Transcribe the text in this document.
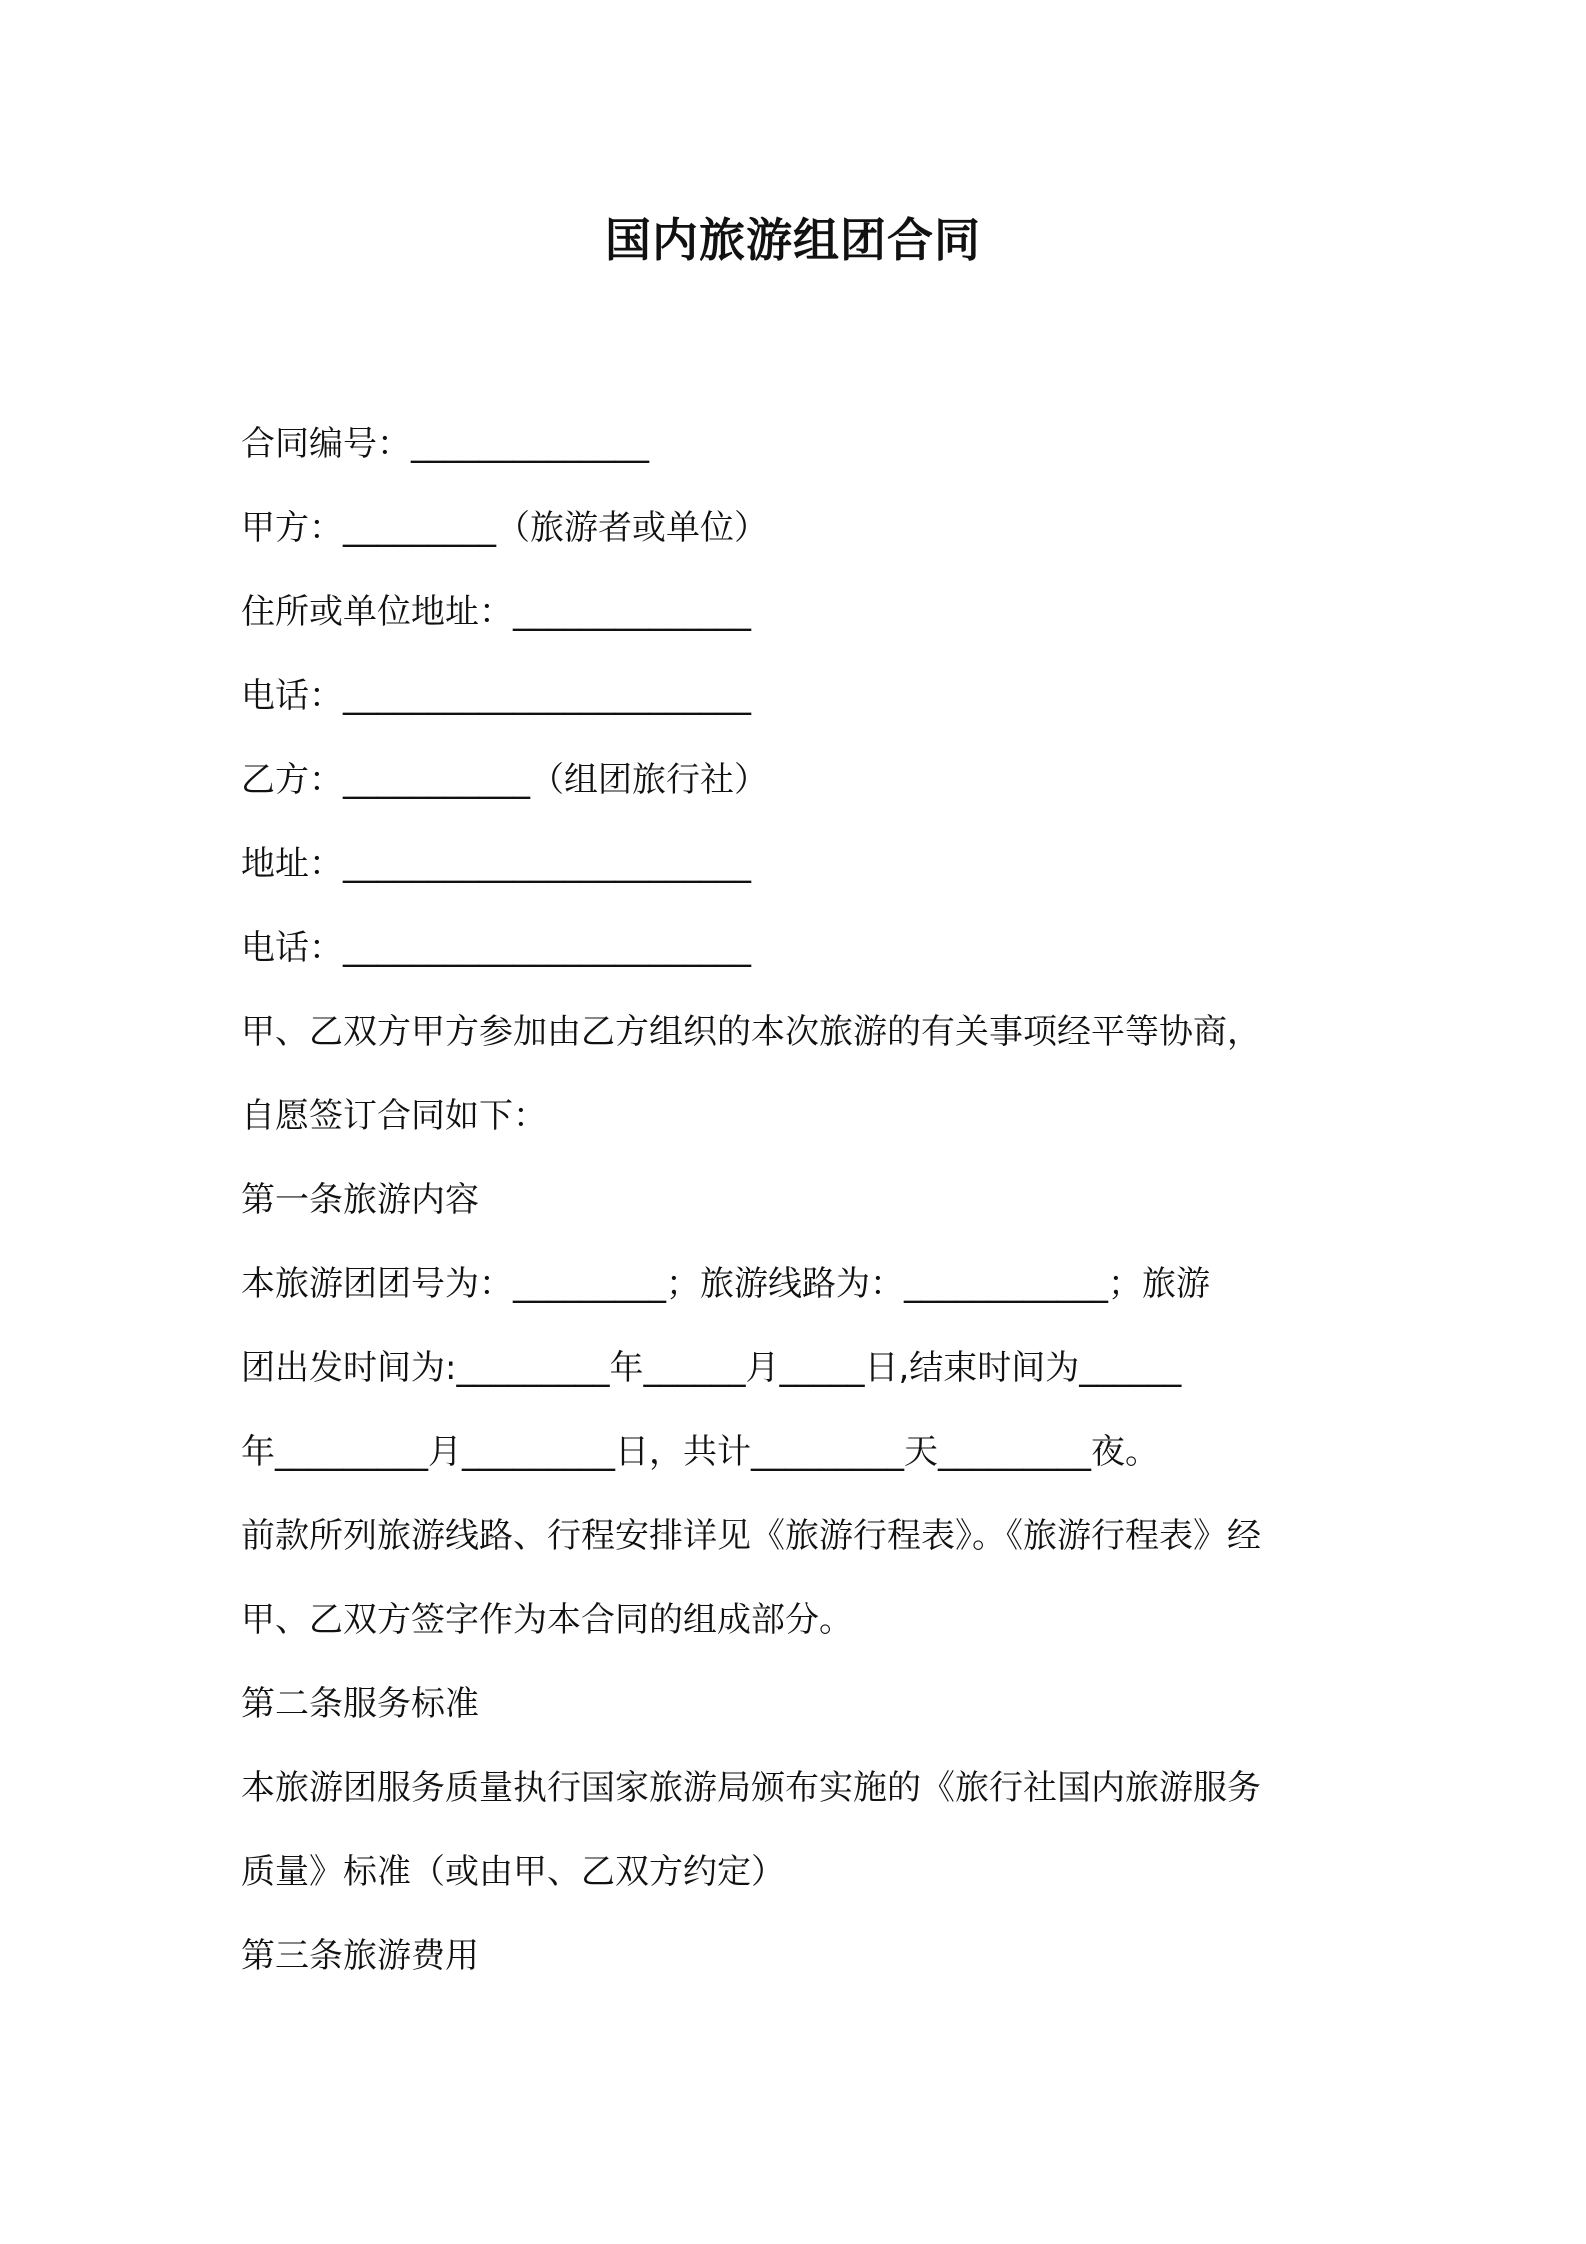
国内旅游组团合同
合同编号：______________
甲方：_________（旅游者或单位）
住所或单位地址：______________
电话：________________________
乙方：___________（组团旅行社）
地址：________________________
电话：________________________
甲、乙双方甲方参加由乙方组织的本次旅游的有关事项经平等协商，
自愿签订合同如下：
第一条旅游内容
本旅游团团号为：_________；旅游线路为：____________；旅游
团出发时间为:_________年______月_____日,结束时间为______
年_________月_________日，共计_________天_________夜。
前款所列旅游线路、行程安排详见《旅游行程表》。《旅游行程表》经
甲、乙双方签字作为本合同的组成部分。
第二条服务标准
本旅游团服务质量执行国家旅游局颁布实施的《旅行社国内旅游服务
质量》标准（或由甲、乙双方约定）
第三条旅游费用
